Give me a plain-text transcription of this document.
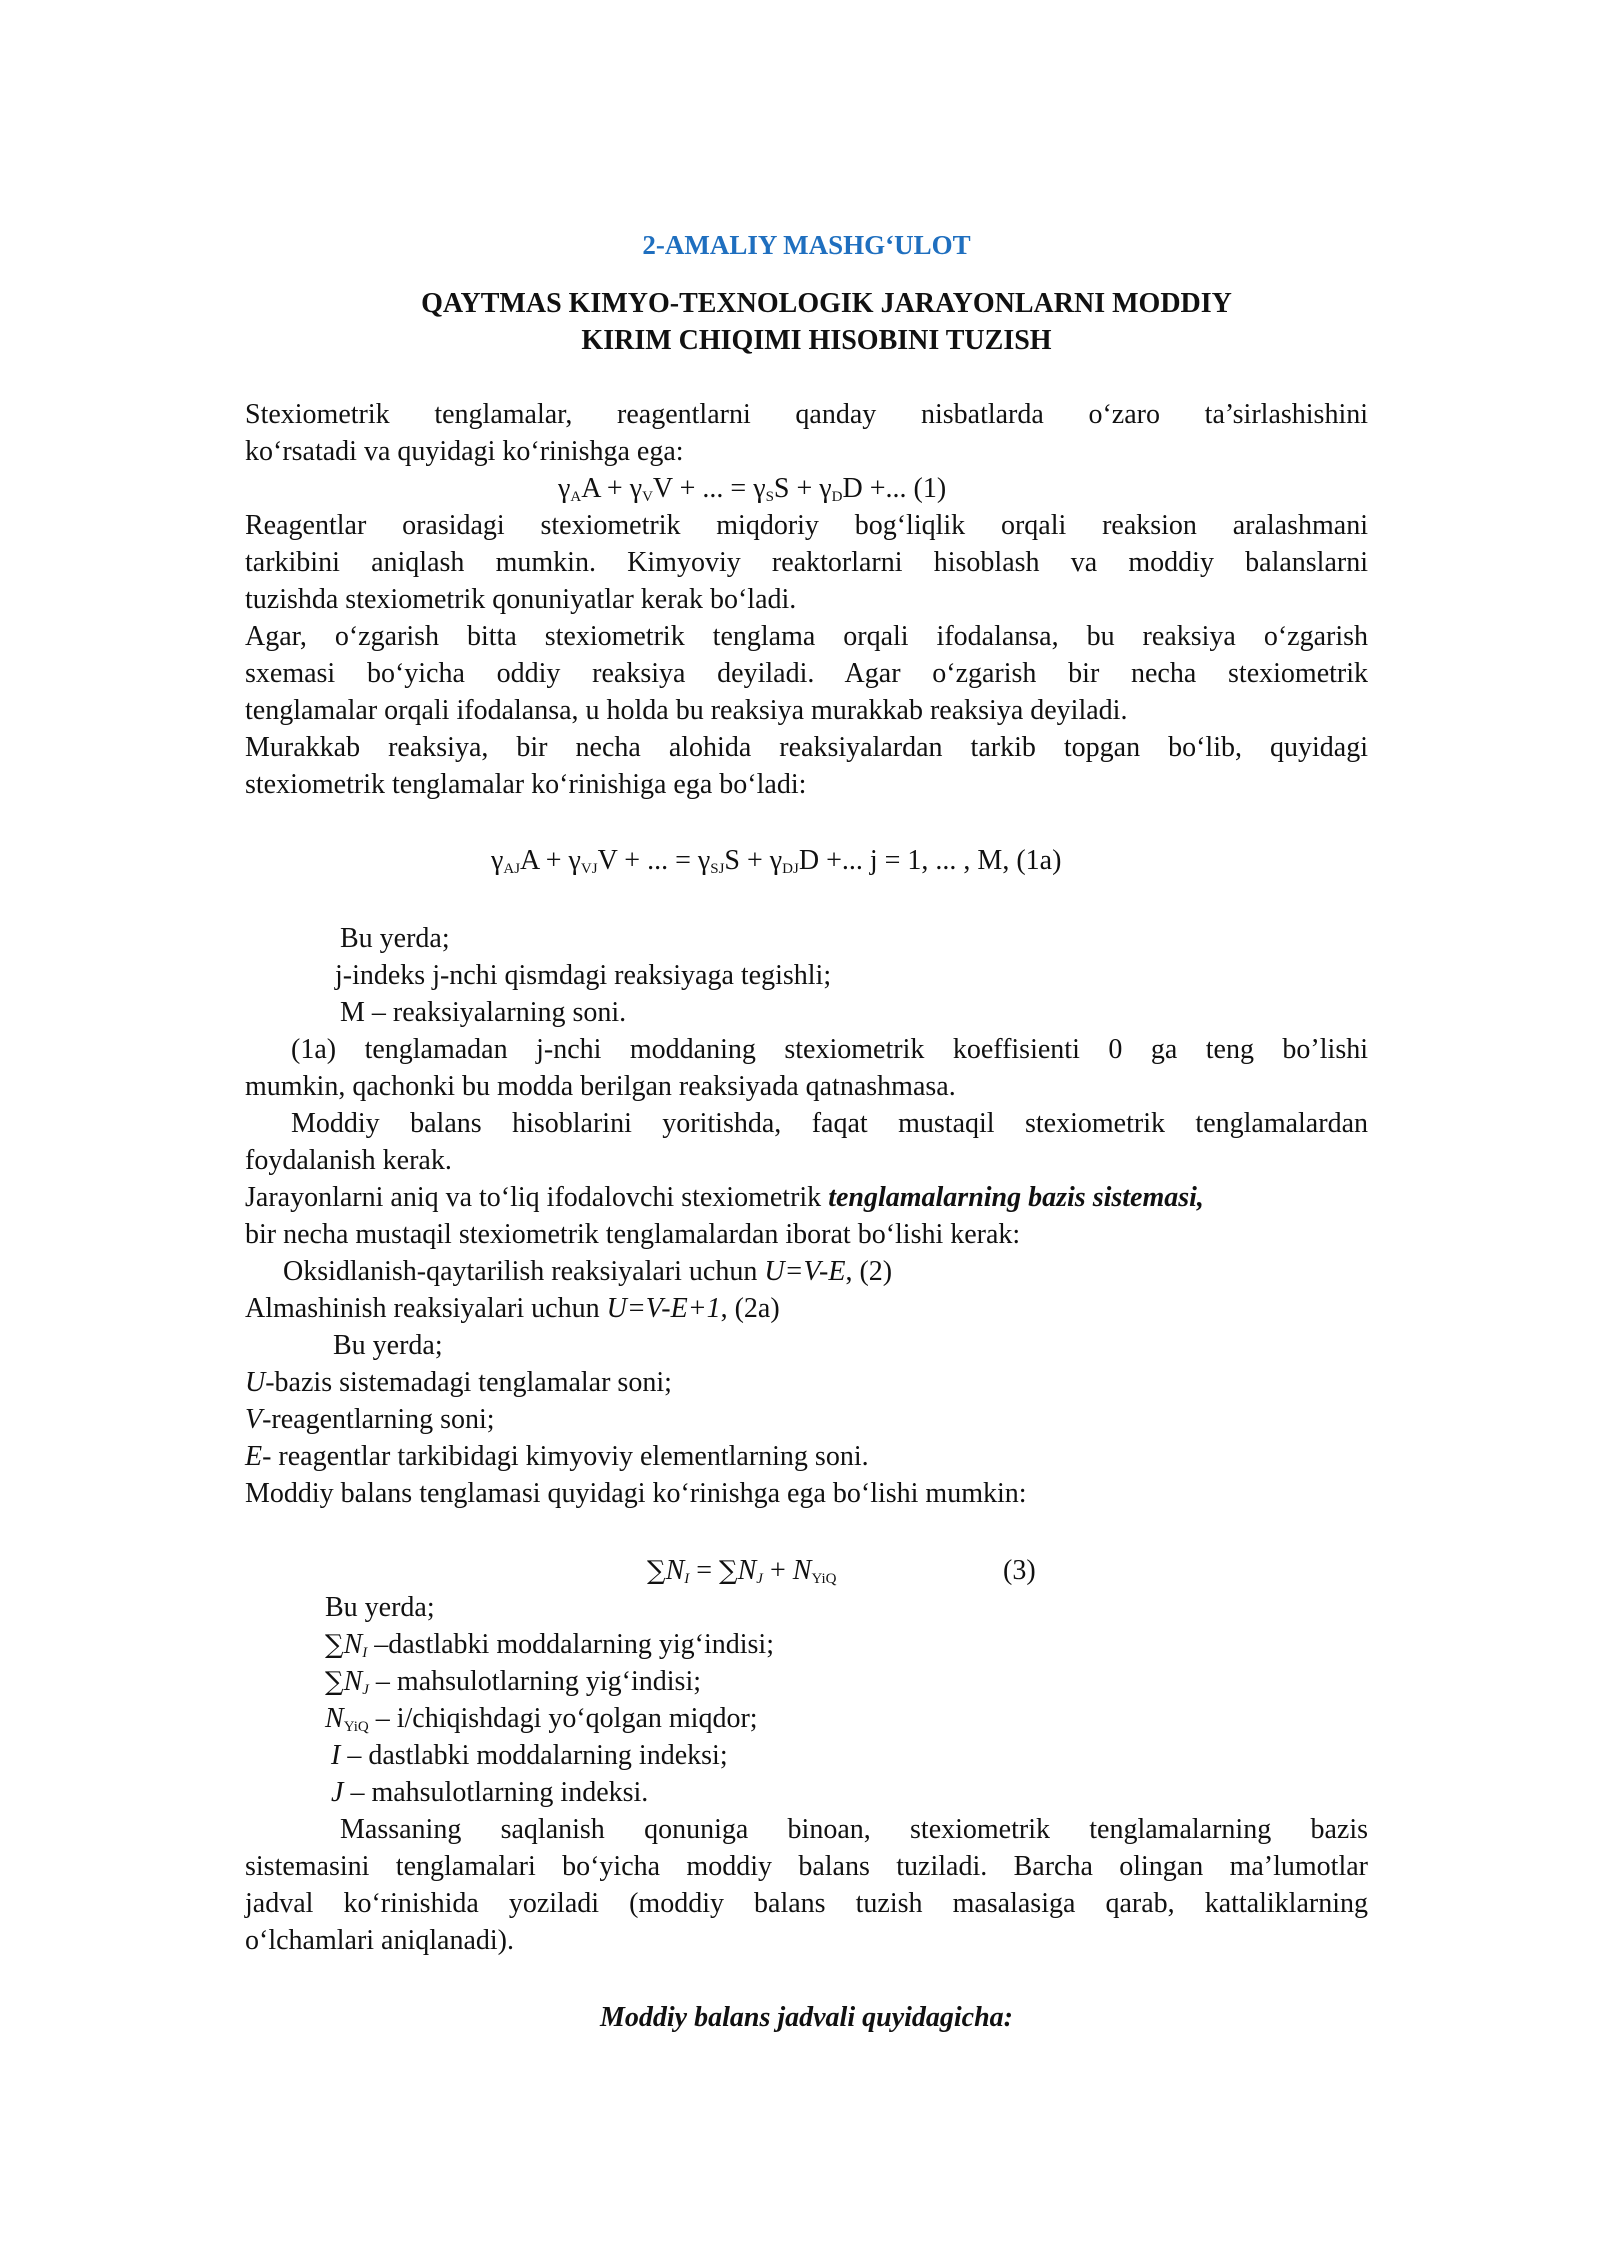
2-AMALIY MASHG‘ULOT
QAYTMAS KIMYO-TEXNOLOGIK JARAYONLARNI MODDIY
KIRIM CHIQIMI HISOBINI TUZISH
Stexiometrik tenglamalar, reagentlarni qanday nisbatlarda o‘zaro ta’sirlashishini
ko‘rsatadi va quyidagi ko‘rinishga ega:
$\gamma_AA + \gamma_VV$ + ... = $\gamma_SS + \gamma_DD$ +... (1)
Reagentlar orasidagi stexiometrik miqdoriy bog‘liqlik orqali reaksion aralashmani
tarkibini aniqlash mumkin. Kimyoviy reaktorlarni hisoblash va moddiy balanslarni
tuzishda stexiometrik qonuniyatlar kerak bo‘ladi.
Agar, o‘zgarish bitta stexiometrik tenglama orqali ifodalansa, bu reaksiya o‘zgarish
sxemasi bo‘yicha oddiy reaksiya deyiladi. Agar o‘zgarish bir necha stexiometrik
tenglamalar orqali ifodalansa, u holda bu reaksiya murakkab reaksiya deyiladi.
Murakkab reaksiya, bir necha alohida reaksiyalardan tarkib topgan bo‘lib, quyidagi
stexiometrik tenglamalar ko‘rinishiga ega bo‘ladi:
$\gamma_{AJ}A + \gamma_{VJ}V$ + ... = $\gamma_{SJ}S + \gamma_{DJ}D$ +... j = 1, ... , M, (1a)
Bu yerda;
j-indeks j-nchi qismdagi reaksiyaga tegishli;
M – reaksiyalarning soni.
(1a) tenglamadan j-nchi moddaning stexiometrik koeffisienti 0 ga teng bo’lishi
mumkin, qachonki bu modda berilgan reaksiyada qatnashmasa.
Moddiy balans hisoblarini yoritishda, faqat mustaqil stexiometrik tenglamalardan
foydalanish kerak.
Jarayonlarni aniq va to‘liq ifodalovchi stexiometrik tenglamalarning bazis sistemasi,
bir necha mustaqil stexiometrik tenglamalardan iborat bo‘lishi kerak:
Oksidlanish-qaytarilish reaksiyalari uchun U=V-E, (2)
Almashinish reaksiyalari uchun U=V-E+1, (2a)
Bu yerda;
U-bazis sistemadagi tenglamalar soni;
V-reagentlarning soni;
E- reagentlar tarkibidagi kimyoviy elementlarning soni.
Moddiy balans tenglamasi quyidagi ko‘rinishga ega bo‘lishi mumkin:
$\sum N_I = \sum N_J + N_{YiQ}$	(3)
Bu yerda;
$\sum N_I$ –dastlabki moddalarning yig‘indisi;
$\sum N_J$ – mahsulotlarning yig‘indisi;
$N_{YiQ}$ – i/chiqishdagi yo‘qolgan miqdor;
I – dastlabki moddalarning indeksi;
J – mahsulotlarning indeksi.
Massaning saqlanish qonuniga binoan, stexiometrik tenglamalarning bazis
sistemasini tenglamalari bo‘yicha moddiy balans tuziladi. Barcha olingan ma’lumotlar
jadval ko‘rinishida yoziladi (moddiy balans tuzish masalasiga qarab, kattaliklarning
o‘lchamlari aniqlanadi).
Moddiy balans jadvali quyidagicha:
